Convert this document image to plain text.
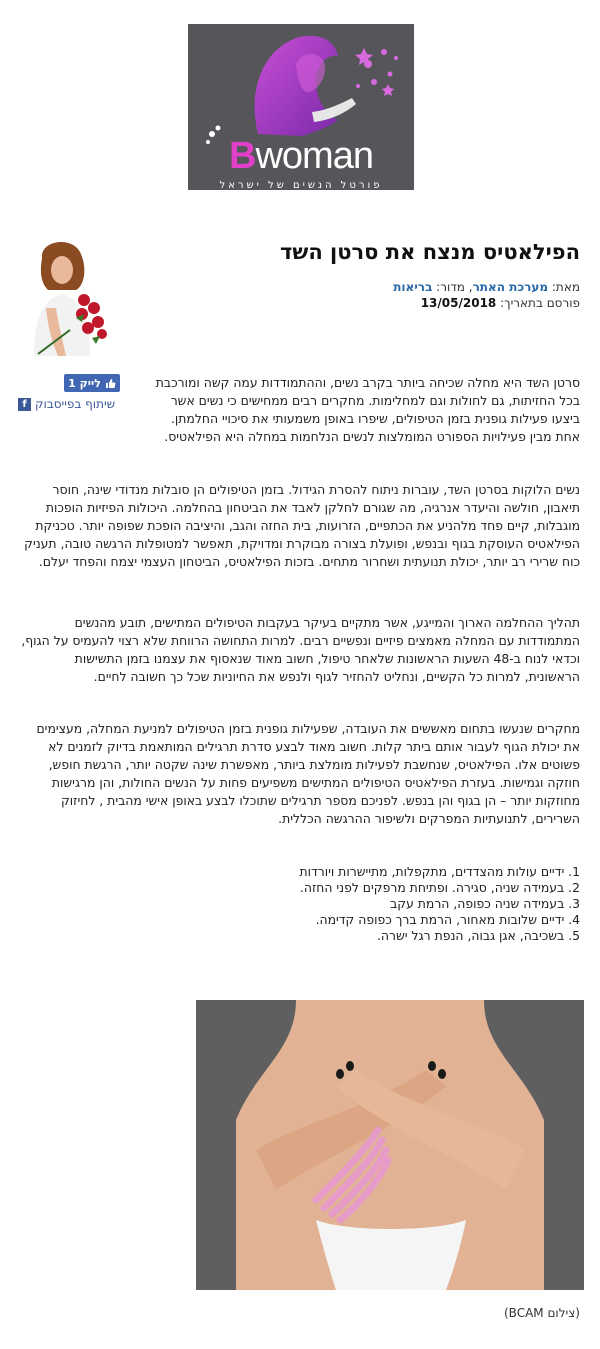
Bwoman
פורטל הנשים של ישראל
הפילאטיס מנצח את סרטן השד
מאת: מערכת האתר, מדור: בריאות
פורסם בתאריך: 13/05/2018
לייק 1
שיתוף בפייסבוק
f

סרטן השד היא מחלה שכיחה ביותר בקרב נשים, וההתמודדות עמה קשה ומורכבת בכל החזיתות, גם לחולות וגם למחלימות. מחקרים רבים ממחישים כי נשים אשר ביצעו פעילות גופנית בזמן הטיפולים, שיפרו באופן משמעותי את סיכויי החלמתן. אחת מבין פעילויות הספורט המומלצות לנשים הנלחמות במחלה היא הפילאטיס.

נשים הלוקות בסרטן השד, עוברות ניתוח להסרת הגידול. בזמן הטיפולים הן סובלות מנדודי שינה, חוסר תיאבון, חולשה והיעדר אנרגיה, מה שגורם לחלקן לאבד את הביטחון בהחלמה. היכולות הפיזיות הופכות מוגבלות, קיים פחד מלהניע את הכתפיים, הזרועות, בית החזה והגב, והיציבה הופכת שפופה יותר. טכניקת הפילאטיס העוסקת בגוף ובנפש, ופועלת בצורה מבוקרת ומדויקת, תאפשר למטופלות הרגשה טובה, תעניק כוח שרירי רב יותר, יכולת תנועתית ושחרור מתחים. בזכות הפילאטיס, הביטחון העצמי יצמח והפחד יעלם.

תהליך ההחלמה הארוך והמייגע, אשר מתקיים בעיקר בעקבות הטיפולים המתישים, תובע מהנשים המתמודדות עם המחלה מאמצים פיזיים ונפשיים רבים. למרות התחושה הרווחת שלא רצוי להעמיס על הגוף, וכדאי לנוח ב-48 השעות הראשונות שלאחר טיפול, חשוב מאוד שנאסוף את עצמנו בזמן התשישות הראשונית, למרות כל הקשיים, ונחליט להחזיר לגוף ולנפש את החיוניות שכל כך חשובה לחיים.

מחקרים שנעשו בתחום מאששים את העובדה, שפעילות גופנית בזמן הטיפולים למניעת המחלה, מעצימים את יכולת הגוף לעבור אותם ביתר קלות. חשוב מאוד לבצע סדרת תרגילים המותאמת בדיוק לזמנים לא פשוטים אלו. הפילאטיס, שנחשבת לפעילות מומלצת ביותר, מאפשרת שינה שקטה יותר, הרגשת חופש, חוזקה וגמישות. בעזרת הפילאטיס הטיפולים המתישים משפיעים פחות על הנשים החולות, והן מרגישות מחוזקות יותר – הן בגוף והן בנפש. לפניכם מספר תרגילים שתוכלו לבצע באופן אישי מהבית , לחיזוק השרירים, לתנועתיות המפרקים ולשיפור ההרגשה הכללית.

1. ידיים עולות מהצדדים, מתקפלות, מתיישרות ויורדות
2. בעמידה שניה, סגירה. ופתיחת מרפקים לפני החזה.
3. בעמידה שניה כפופה, הרמת עקב
4. ידיים שלובות מאחור, הרמת ברך כפופה קדימה.
5. בשכיבה, אגן גבוה, הנפת רגל ישרה.
(צילום BCAM)
